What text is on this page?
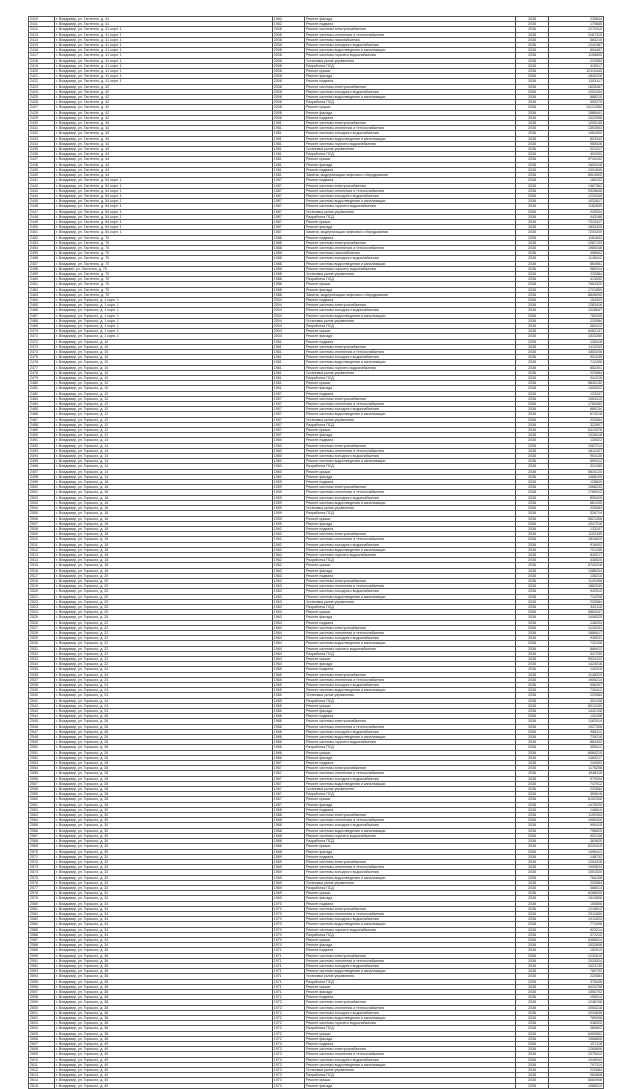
2410	г. Владимир, ул. Гастелло, д. 41	1982	Ремонт фасада	2036	235844
2411	г. Владимир, ул. Гастелло, д. 41	1982	Ремонт подвала	2036	175665
2412	г. Владимир, ул. Гастелло, д. 41 корп. 1	2008	Ремонт системы электроснабжения	2036	1270315
2413	г. Владимир, ул. Гастелло, д. 41 корп. 1	2008	Ремонт системы отопления и теплоснабжения	2036	3167310
2414	г. Владимир, ул. Гастелло, д. 41 корп. 1	2008	Ремонт системы газоснабжения	2036	584210
2415	г. Владимир, ул. Гастелло, д. 41 корп. 1	2008	Ремонт системы холодного водоснабжения	2036	1242487
2416	г. Владимир, ул. Гастелло, д. 41 корп. 1	2008	Ремонт системы водоотведения и канализации	2036	894457
2417	г. Владимир, ул. Гастелло, д. 41 корп. 1	2008	Ремонт системы горячего водоснабжения	2036	1108835
2418	г. Владимир, ул. Гастелло, д. 41 корп. 1	2008	Установка узлов управления	2036	220584
2419	г. Владимир, ул. Гастелло, д. 41 корп. 1	2008	Разработка ПСД	2036	415017
2420	г. Владимир, ул. Гастелло, д. 41 корп. 1	2008	Ремонт крыши	2036	12110445
2421	г. Владимир, ул. Гастелло, д. 41 корп. 1	2008	Ремонт фасада	2036	1840226
2422	г. Владимир, ул. Гастелло, д. 41 корп. 1	2008	Ремонт подвала	2036	1153117
2423	г. Владимир, ул. Гастелло, д. 42	2008	Ремонт системы электроснабжения	2036	1625287
2424	г. Владимир, ул. Гастелло, д. 42	2008	Ремонт системы холодного водоснабжения	2036	1202444
2425	г. Владимир, ул. Гастелло, д. 42	2008	Ремонт системы водоотведения и канализации	2036	888210
2426	г. Владимир, ул. Гастелло, д. 42	2008	Разработка ПСД	2036	390270
2427	г. Владимир, ул. Гастелло, д. 42	2008	Ремонт крыши	2036	10131550
2428	г. Владимир, ул. Гастелло, д. 42	2008	Ремонт фасада	2036	1588441
2429	г. Владимир, ул. Гастелло, д. 42	2008	Ремонт подвала	2036	1022058
2430	г. Владимир, ул. Гастелло, д. 44	1981	Ремонт системы электроснабжения	2036	1205145
2431	г. Владимир, ул. Гастелло, д. 44	1981	Ремонт системы отопления и теплоснабжения	2036	1392553
2432	г. Владимир, ул. Гастелло, д. 44	1981	Ремонт системы холодного водоснабжения	2036	1064300
2433	г. Владимир, ул. Гастелло, д. 44	1981	Ремонт системы водоотведения и канализации	2036	803342
2434	г. Владимир, ул. Гастелло, д. 44	1981	Ремонт системы горячего водоснабжения	2036	985526
2435	г. Владимир, ул. Гастелло, д. 44	1981	Установка узлов управления	2036	221017
2436	г. Владимир, ул. Гастелло, д. 44	1981	Разработка ПСД	2036	402003
2437	г. Владимир, ул. Гастелло, д. 44	1981	Ремонт крыши	2036	9743152
2438	г. Владимир, ул. Гастелло, д. 44	1981	Ремонт фасада	2036	1604418
2439	г. Владимир, ул. Гастелло, д. 44	1981	Ремонт подвала	2036	1001845
2440	г. Владимир, ул. Гастелло, д. 44	1981	Замена, модернизация лифтового оборудования	2036	6524500
2441	г. Владимир, ул. Гастелло, д. 54 корп. 1	1987	Ремонт подвала	2036	180232
2442	г. Владимир, ул. Гастелло, д. 54 корп. 1	1987	Ремонт системы электроснабжения	2036	1467362
2443	г. Владимир, ул. Гастелло, д. 54 корп. 1	1987	Ремонт системы отопления и теплоснабжения	2036	2528846
2444	г. Владимир, ул. Гастелло, д. 54 корп. 1	1987	Ремонт системы холодного водоснабжения	2036	1220445
2445	г. Владимир, ул. Гастелло, д. 54 корп. 1	1987	Ремонт системы водоотведения и канализации	2036	1032817
2446	г. Владимир, ул. Гастелло, д. 54 корп. 1	1987	Ремонт системы горячего водоснабжения	2036	1182635
2447	г. Владимир, ул. Гастелло, д. 54 корп. 1	1987	Установка узлов управления	2036	220534
2448	г. Владимир, ул. Гастелло, д. 54 корп. 1	1987	Разработка ПСД	2036	443188
2449	г. Владимир, ул. Гастелло, д. 54 корп. 1	1987	Ремонт крыши	2036	7310417
2450	г. Владимир, ул. Гастелло, д. 54 корп. 1	1987	Ремонт фасада	2036	1830425
2451	г. Владимир, ул. Гастелло, д. 54 корп. 1	1987	Замена, модернизация лифтового оборудования	2036	7203200
2452	г. Владимир, ул. Гастелло, д. 70	1988	Ремонт подвала	2036	1161833
2453	г. Владимир, ул. Гастелло, д. 70	1988	Ремонт системы электроснабжения	2036	1287133
2454	г. Владимир, ул. Гастелло, д. 70	1988	Ремонт системы отопления и теплоснабжения	2036	1985348
2455	г. Владимир, ул. Гастелло, д. 70	1988	Ремонт системы газоснабжения	2036	398542
2456	г. Владимир, ул. Гастелло, д. 70	1988	Ремонт системы холодного водоснабжения	2036	1145412
2457	г. Владимир, ул. Гастелло, д. 70	1988	Ремонт системы водоотведения и канализации	2036	864551
2458	г. Владимir, ул. Гастелло, д. 70	1988	Ремонт системы горячего водоснабжения	2036	980314
2459	г. Владимир, ул. Гастелло, д. 70	1988	Установка узлов управления	2036	220584
2460	г. Владимир, ул. Гастелло, д. 70	1988	Разработка ПСД	2036	413530
2461	г. Владимир, ул. Гастелло, д. 70	1988	Ремонт крыши	2036	7654320
2462	г. Владимир, ул. Гастелло, д. 70	1988	Ремонт фасада	2036	1721850
2463	г. Владимир, ул. Гастелло, д. 70	1988	Замена, модернизация лифтового оборудования	2036	6845000
2464	г. Владимир, ул. Горького, д. 1 корп. 1	2004	Ремонт подвала	2036	154302
2465	г. Владимир, ул. Горького, д. 1 корп. 1	2004	Ремонт системы электроснабжения	2036	1283416
2466	г. Владимир, ул. Горького, д. 1 корп. 1	2004	Ремонт системы холодного водоснабжения	2036	1026847
2467	г. Владимир, ул. Горького, д. 1 корп. 1	2004	Ремонт системы водоотведения и канализации	2036	782035
2468	г. Владимир, ул. Горького, д. 1 корп. 1	2004	Установка узлов управления	2036	220584
2469	г. Владимир, ул. Горького, д. 1 корп. 1	2004	Разработка ПСД	2036	360412
2470	г. Владимир, ул. Горького, д. 1 корп. 1	2004	Ремонт крыши	2036	6482137
2471	г. Владимир, ул. Горького, д. 1 корп. 1	2004	Ремонт фасада	2036	1533260
2472	г. Владимир, ул. Горького, д. 10	1961	Ремонт подвала	2036	135418
2473	г. Владимир, ул. Горького, д. 10	1961	Ремонт системы электроснабжения	2036	1112043
2474	г. Владимир, ул. Горького, д. 10	1961	Ремонт системы отопления и теплоснабжения	2036	1853206
2475	г. Владимир, ул. Горького, д. 10	1961	Ремонт системы холодного водоснабжения	2036	931245
2476	г. Владимир, ул. Горького, д. 10	1961	Ремонт системы водоотведения и канализации	2036	712406
2477	г. Владимир, ул. Горького, д. 10	1961	Ремонт системы горячего водоснабжения	2036	852301
2478	г. Владимир, ул. Горького, д. 10	1961	Установка узлов управления	2036	220584
2479	г. Владимир, ул. Горького, д. 10	1961	Разработка ПСД	2036	341216
2480	г. Владимир, ул. Горького, д. 10	1961	Ремонт крыши	2036	5840130
2481	г. Владимир, ул. Горького, д. 10	1961	Ремонт фасада	2036	1405322
2482	г. Владимир, ул. Горького, д. 12	1957	Ремонт подвала	2036	122047
2483	г. Владимир, ул. Горького, д. 12	1957	Ремонт системы электроснабжения	2036	1054310
2484	г. Владимир, ул. Горького, д. 12	1957	Ремонт системы отопления и теплоснабжения	2036	1764352
2485	г. Владимир, ул. Горького, д. 12	1957	Ремонт системы холодного водоснабжения	2036	886134
2486	г. Владимир, ул. Горького, д. 12	1957	Ремонт системы водоотведения и канализации	2036	674218
2487	г. Владимир, ул. Горького, д. 12	1957	Установка узлов управления	2036	220584
2488	г. Владимир, ул. Горького, д. 12	1957	Разработка ПСД	2036	322807
2489	г. Владимир, ул. Горького, д. 12	1957	Ремонт крыши	2036	5412076
2490	г. Владимир, ул. Горького, д. 12	1957	Ремонт фасада	2036	1326418
2491	г. Владимир, ул. Горького, д. 14	1960	Ремонт подвала	2036	130522
2492	г. Владимир, ул. Горького, д. 14	1960	Ремонт системы электроснабжения	2036	1087214
2493	г. Владимир, ул. Горького, д. 14	1960	Ремонт системы отопления и теплоснабжения	2036	1812437
2494	г. Владимир, ул. Горького, д. 14	1960	Ремонт системы холодного водоснабжения	2036	904135
2495	г. Владимир, ул. Горького, д. 14	1960	Ремонт системы водоотведения и канализации	2036	690412
2496	г. Владимир, ул. Горького, д. 14	1960	Разработка ПСД	2036	331085
2497	г. Владимир, ул. Горького, д. 14	1960	Ремонт крыши	2036	5634120
2498	г. Владимир, ул. Горького, д. 14	1960	Ремонт фасада	2036	1368105
2499	г. Владимир, ул. Горького, д. 16	1959	Ремонт подвала	2036	126840
2500	г. Владимир, ул. Горького, д. 16	1959	Ремонт системы электроснабжения	2036	1068233
2501	г. Владимир, ул. Горького, д. 16	1959	Ремонт системы отопления и теплоснабжения	2036	1789012
2502	г. Владимир, ул. Горького, д. 16	1959	Ремонт системы холодного водоснабжения	2036	895420
2503	г. Владимир, ул. Горького, д. 16	1959	Ремонт системы водоотведения и канализации	2036	681035
2504	г. Владимир, ул. Горького, д. 16	1959	Установка узлов управления	2036	220584
2505	г. Владимир, ул. Горького, д. 16	1959	Разработка ПСД	2036	326714
2506	г. Владимир, ул. Горького, д. 16	1959	Ремонт крыши	2036	5521406
2507	г. Владимир, ул. Горького, д. 16	1959	Ремонт фасада	2036	1347216
2508	г. Владимир, ул. Горького, д. 18	1962	Ремонт подвала	2036	133107
2509	г. Владимир, ул. Горького, д. 18	1962	Ремонт системы электроснабжения	2036	1102345
2510	г. Владимир, ул. Горького, д. 18	1962	Ремонт системы отопления и теплоснабжения	2036	1834620
2511	г. Владимир, ул. Горького, д. 18	1962	Ремонт системы холодного водоснабжения	2036	918402
2512	г. Владимир, ул. Горького, д. 18	1962	Ремонт системы водоотведения и канализации	2036	701336
2513	г. Владимир, ул. Горького, д. 18	1962	Ремонт системы горячего водоснабжения	2036	840217
2514	г. Владимир, ул. Горького, д. 18	1962	Разработка ПСД	2036	336520
2515	г. Владимир, ул. Горького, д. 18	1962	Ремонт крыши	2036	5740318
2516	г. Владимир, ул. Горького, д. 18	1962	Ремонт фасада	2036	1386204
2517	г. Владимир, ул. Горького, д. 20	1963	Ремонт подвала	2036	136210
2518	г. Владимир, ул. Горького, д. 20	1963	Ремонт системы электроснабжения	2036	1120456
2519	г. Владимир, ул. Горького, д. 20	1963	Ремонт системы отопления и теплоснабжения	2036	1862340
2520	г. Владимир, ул. Горького, д. 20	1963	Ремонт системы холодного водоснабжения	2036	932510
2521	г. Владимир, ул. Горького, д. 20	1963	Ремонт системы водоотведения и канализации	2036	714208
2522	г. Владимир, ул. Горького, д. 20	1963	Установка узлов управления	2036	220584
2523	г. Владимир, ул. Горького, д. 20	1963	Разработка ПСД	2036	342116
2524	г. Владимир, ул. Горького, д. 20	1963	Ремонт крыши	2036	5862047
2525	г. Владимир, ул. Горького, д. 20	1963	Ремонт фасада	2036	1408325
2526	г. Владимир, ул. Горького, д. 22	1964	Ремонт подвала	2036	138204
2527	г. Владимир, ул. Горького, д. 22	1964	Ремонт системы электроснабжения	2036	1134201
2528	г. Владимир, ул. Горького, д. 22	1964	Ремонт системы отопления и теплоснабжения	2036	1886417
2529	г. Владимир, ул. Горького, д. 22	1964	Ремонт системы холодного водоснабжения	2036	945031
2530	г. Владимир, ул. Горького, д. 22	1964	Ремонт системы водоотведения и канализации	2036	722108
2531	г. Владимир, ул. Горького, д. 22	1964	Ремонт системы горячего водоснабжения	2036	866412
2532	г. Владимир, ул. Горького, д. 22	1964	Разработка ПСД	2036	347230
2533	г. Владимир, ул. Горького, д. 22	1964	Ремонт крыши	2036	5934102
2534	г. Владимир, ул. Горького, д. 22	1964	Ремонт фасада	2036	1424016
2535	г. Владимир, ул. Горького, д. 24	1965	Ремонт подвала	2036	140315
2536	г. Владимир, ул. Горького, д. 24	1965	Ремонт системы электроснабжения	2036	1148320
2537	г. Владимир, ул. Горького, д. 24	1965	Ремонт системы отопления и теплоснабжения	2036	1905214
2538	г. Владимир, ул. Горького, д. 24	1965	Ремонт системы холодного водоснабжения	2036	956207
2539	г. Владимир, ул. Горького, д. 24	1965	Ремонт системы водоотведения и канализации	2036	730412
2540	г. Владимир, ул. Горького, д. 24	1965	Установка узлов управления	2036	220584
2541	г. Владимир, ул. Горького, д. 24	1965	Разработка ПСД	2036	351208
2542	г. Владимир, ул. Горького, д. 24	1965	Ремонт крыши	2036	6012430
2543	г. Владимир, ул. Горького, д. 24	1965	Ремонт фасада	2036	1442108
2544	г. Владимир, ул. Горького, д. 26	1966	Ремонт подвала	2036	142408
2545	г. Владимир, ул. Горького, д. 26	1966	Ремонт системы электроснабжения	2036	1162014
2546	г. Владимир, ул. Горького, д. 26	1966	Ремонт системы отопления и теплоснабжения	2036	1927306
2547	г. Владимир, ул. Горького, д. 26	1966	Ремонт системы холодного водоснабжения	2036	968112
2548	г. Владимир, ул. Горького, д. 26	1966	Ремонт системы водоотведения и канализации	2036	739218
2549	г. Владимир, ул. Горького, д. 26	1966	Ремонт системы горячего водоснабжения	2036	884302
2550	г. Владимир, ул. Горького, д. 26	1966	Разработка ПСД	2036	355412
2551	г. Владимир, ул. Горького, д. 26	1966	Ремонт крыши	2036	6084215
2552	г. Владимир, ул. Горького, д. 26	1966	Ремонт фасада	2036	1460217
2553	г. Владимир, ул. Горького, д. 28	1967	Ремонт подвала	2036	144502
2554	г. Владимир, ул. Горького, д. 28	1967	Ремонт системы электроснабжения	2036	1176208
2555	г. Владимир, ул. Горького, д. 28	1967	Ремонт системы отопления и теплоснабжения	2036	1948115
2556	г. Владимир, ул. Горького, д. 28	1967	Ремонт системы холодного водоснабжения	2036	979304
2557	г. Владимир, ул. Горького, д. 28	1967	Ремонт системы водоотведения и канализации	2036	747512
2558	г. Владимир, ул. Горького, д. 28	1967	Установка узлов управления	2036	220584
2559	г. Владимир, ул. Горького, д. 28	1967	Разработка ПСД	2036	359618
2560	г. Владимир, ул. Горького, д. 28	1967	Ремонт крыши	2036	6152308
2561	г. Владимир, ул. Горького, д. 28	1967	Ремонт фасада	2036	1478320
2562	г. Владимир, ул. Горького, д. 30	1968	Ремонт подвала	2036	146610
2563	г. Владимир, ул. Горького, д. 30	1968	Ремонт системы электроснабжения	2036	1190304
2564	г. Владимир, ул. Горького, д. 30	1968	Ремонт системы отопления и теплоснабжения	2036	1969420
2565	г. Владимир, ул. Горького, д. 30	1968	Ремонт системы холодного водоснабжения	2036	990415
2566	г. Владимир, ул. Горького, д. 30	1968	Ремонт системы водоотведения и канализации	2036	755820
2567	г. Владимир, ул. Горького, д. 30	1968	Ремонт системы горячего водоснабжения	2036	902108
2568	г. Владимир, ул. Горького, д. 30	1968	Разработка ПСД	2036	363820
2569	г. Владимир, ул. Горького, д. 30	1968	Ремонт крыши	2036	6220415
2570	г. Владимир, ул. Горького, д. 30	1968	Ремонт фасада	2036	1496412
2571	г. Владимир, ул. Горького, д. 32	1969	Ремонт подвала	2036	148702
2572	г. Владимир, ул. Горького, д. 32	1969	Ремонт системы электроснабжения	2036	1204418
2573	г. Владимир, ул. Горького, д. 32	1969	Ремонт системы отопления и теплоснабжения	2036	1990624
2574	г. Владимир, ул. Горького, д. 32	1969	Ремонт системы холодного водоснабжения	2036	1001520
2575	г. Владимир, ул. Горького, д. 32	1969	Ремонт системы водоотведения и канализации	2036	764108
2576	г. Владимир, ул. Горького, д. 32	1969	Установка узлов управления	2036	220584
2577	г. Владимир, ул. Горького, д. 32	1969	Разработка ПСД	2036	368014
2578	г. Владимир, ул. Горького, д. 32	1969	Ремонт крыши	2036	6288520
2579	г. Владимир, ул. Горького, д. 32	1969	Ремонт фасада	2036	1514506
2580	г. Владимир, ул. Горького, д. 34	1970	Ремонт подвала	2036	150806
2581	г. Владимир, ул. Горького, д. 34	1970	Ремонт системы электроснабжения	2036	1218512
2582	г. Владимир, ул. Горького, д. 34	1970	Ремонт системы отопления и теплоснабжения	2036	2011830
2583	г. Владимир, ул. Горького, д. 34	1970	Ремонт системы холодного водоснабжения	2036	1012624
2584	г. Владимир, ул. Горького, д. 34	1970	Ремонт системы водоотведения и канализации	2036	772406
2585	г. Владимир, ул. Горького, д. 34	1970	Ремонт системы горячего водоснабжения	2036	920214
2586	г. Владимир, ул. Горького, д. 34	1970	Разработка ПСД	2036	372210
2587	г. Владимир, ул. Горького, д. 34	1970	Ремонт крыши	2036	6356614
2588	г. Владимир, ул. Горького, д. 34	1970	Ремонт фасада	2036	1532608
2589	г. Владимир, ул. Горького, д. 36	1971	Ремонт подвала	2036	152910
2590	г. Владимир, ул. Горького, д. 36	1971	Ремонт системы электроснабжения	2036	1232610
2591	г. Владимир, ул. Горького, д. 36	1971	Ремонт системы отопления и теплоснабжения	2036	2033024
2592	г. Владимир, ул. Горького, д. 36	1971	Ремонт системы холодного водоснабжения	2036	1023730
2593	г. Владимир, ул. Горького, д. 36	1971	Ремонт системы водоотведения и канализации	2036	780702
2594	г. Владимир, ул. Горького, д. 36	1971	Установка узлов управления	2036	220584
2595	г. Владимир, ул. Горького, д. 36	1971	Разработка ПСД	2036	376406
2596	г. Владимир, ул. Горького, д. 36	1971	Ремонт крыши	2036	6424708
2597	г. Владимир, ул. Горького, д. 36	1971	Ремонт фасада	2036	1550702
2598	г. Владимир, ул. Горького, д. 38	1972	Ремонт подвала	2036	155014
2599	г. Владимир, ул. Горького, д. 38	1972	Ремонт системы электроснабжения	2036	1246708
2600	г. Владимир, ул. Горького, д. 38	1972	Ремонт системы отопления и теплоснабжения	2036	2054218
2601	г. Владимир, ул. Горького, д. 38	1972	Ремонт системы холодного водоснабжения	2036	1034836
2602	г. Владимир, ул. Горького, д. 38	1972	Ремонт системы водоотведения и канализации	2036	789008
2603	г. Владимир, ул. Горького, д. 38	1972	Ремонт системы горячего водоснабжения	2036	938320
2604	г. Владимир, ул. Горького, д. 38	1972	Разработка ПСД	2036	380602
2605	г. Владимир, ул. Горького, д. 38	1972	Ремонт крыши	2036	6492802
2606	г. Владимир, ул. Горького, д. 38	1972	Ремонт фасада	2036	1568806
2607	г. Владимир, ул. Горького, д. 40	1973	Ремонт подвала	2036	157118
2608	г. Владимир, ул. Горького, д. 40	1973	Ремонт системы электроснабжения	2036	1260806
2609	г. Владимир, ул. Горького, д. 40	1973	Ремонт системы отопления и теплоснабжения	2036	2075412
2610	г. Владимир, ул. Горького, д. 40	1973	Ремонт системы холодного водоснабжения	2036	1045942
2611	г. Владимир, ул. Горького, д. 40	1973	Ремонт системы водоотведения и канализации	2036	797314
2612	г. Владимир, ул. Горького, д. 40	1973	Установка узлов управления	2036	220584
2613	г. Владимир, ул. Горького, д. 40	1973	Разработка ПСД	2036	384808
2614	г. Владимир, ул. Горького, д. 40	1973	Ремонт крыши	2036	6560906
2615	г. Владимир, ул. Горького, д. 40	1973	Ремонт фасада	2036	1586910
